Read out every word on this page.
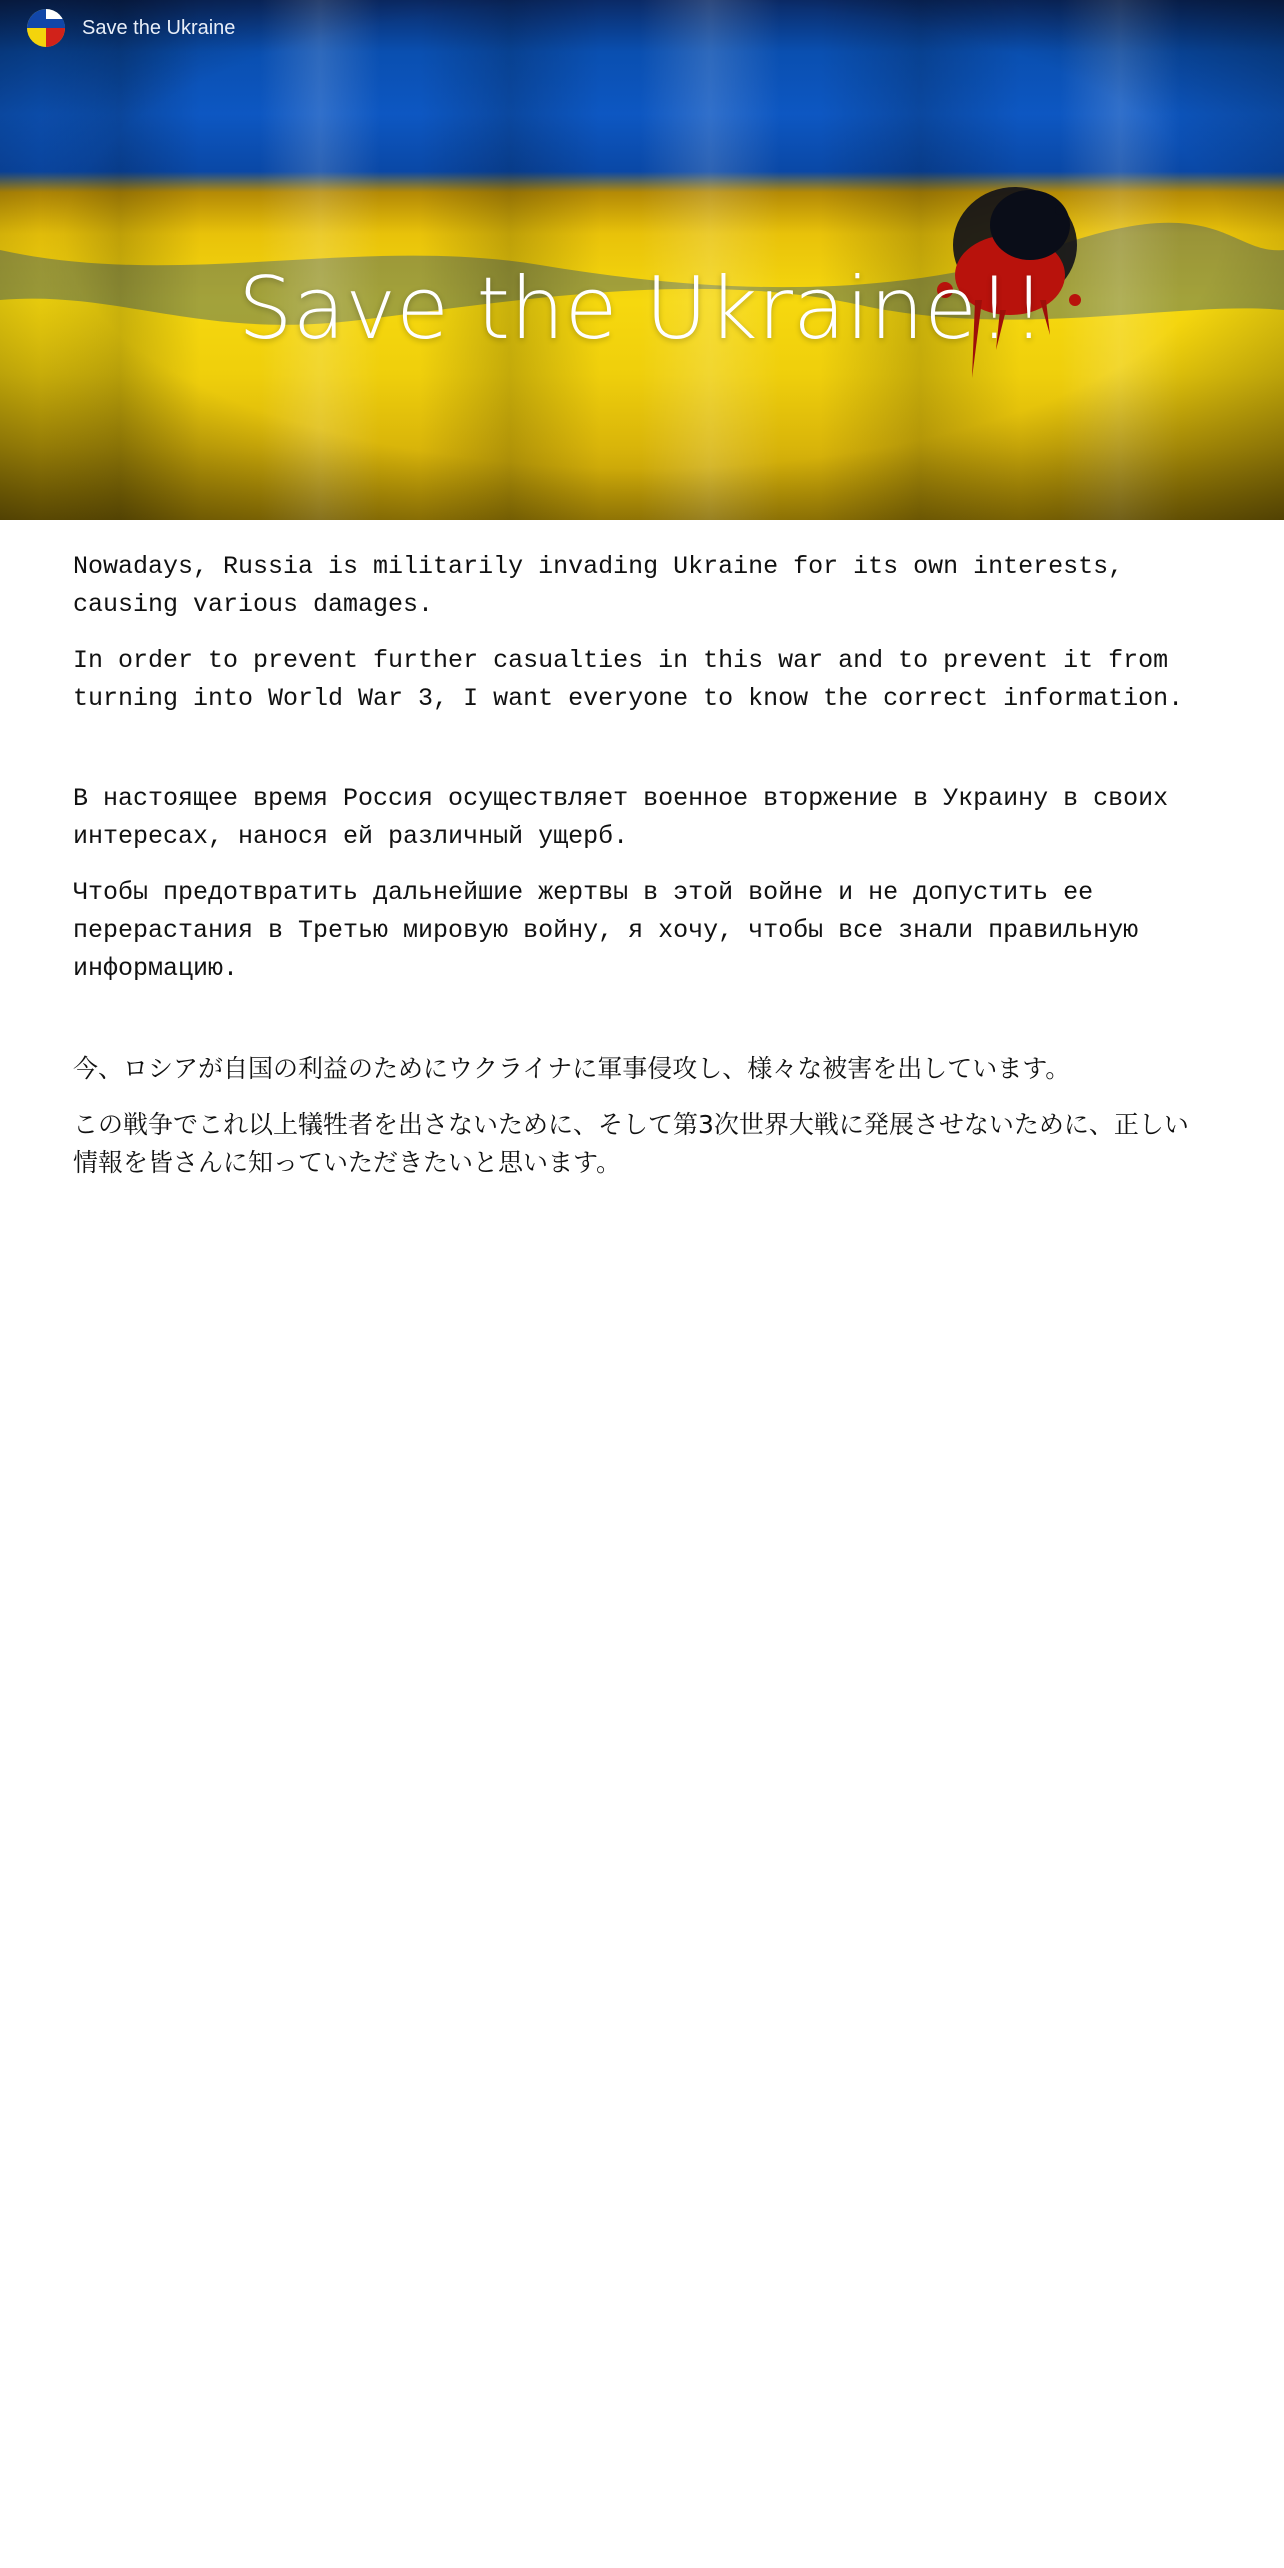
Save the Ukraine!!
Save the Ukraine

Nowadays, Russia is militarily invading Ukraine for its own interests, causing various damages.

In order to prevent further casualties in this war and to prevent it from turning into World War 3, I want everyone to know the correct information.

В настоящее время Россия осуществляет военное вторжение в Украину в своих интересах, нанося ей различный ущерб.

Чтобы предотвратить дальнейшие жертвы в этой войне и не допустить ее перерастания в Третью мировую войну, я хочу, чтобы все знали правильную информацию.

今、ロシアが自国の利益のためにウクライナに軍事侵攻し、様々な被害を出しています。

この戦争でこれ以上犠牲者を出さないために、そして第3次世界大戦に発展させないために、正しい情報を皆さんに知っていただきたいと思います。
